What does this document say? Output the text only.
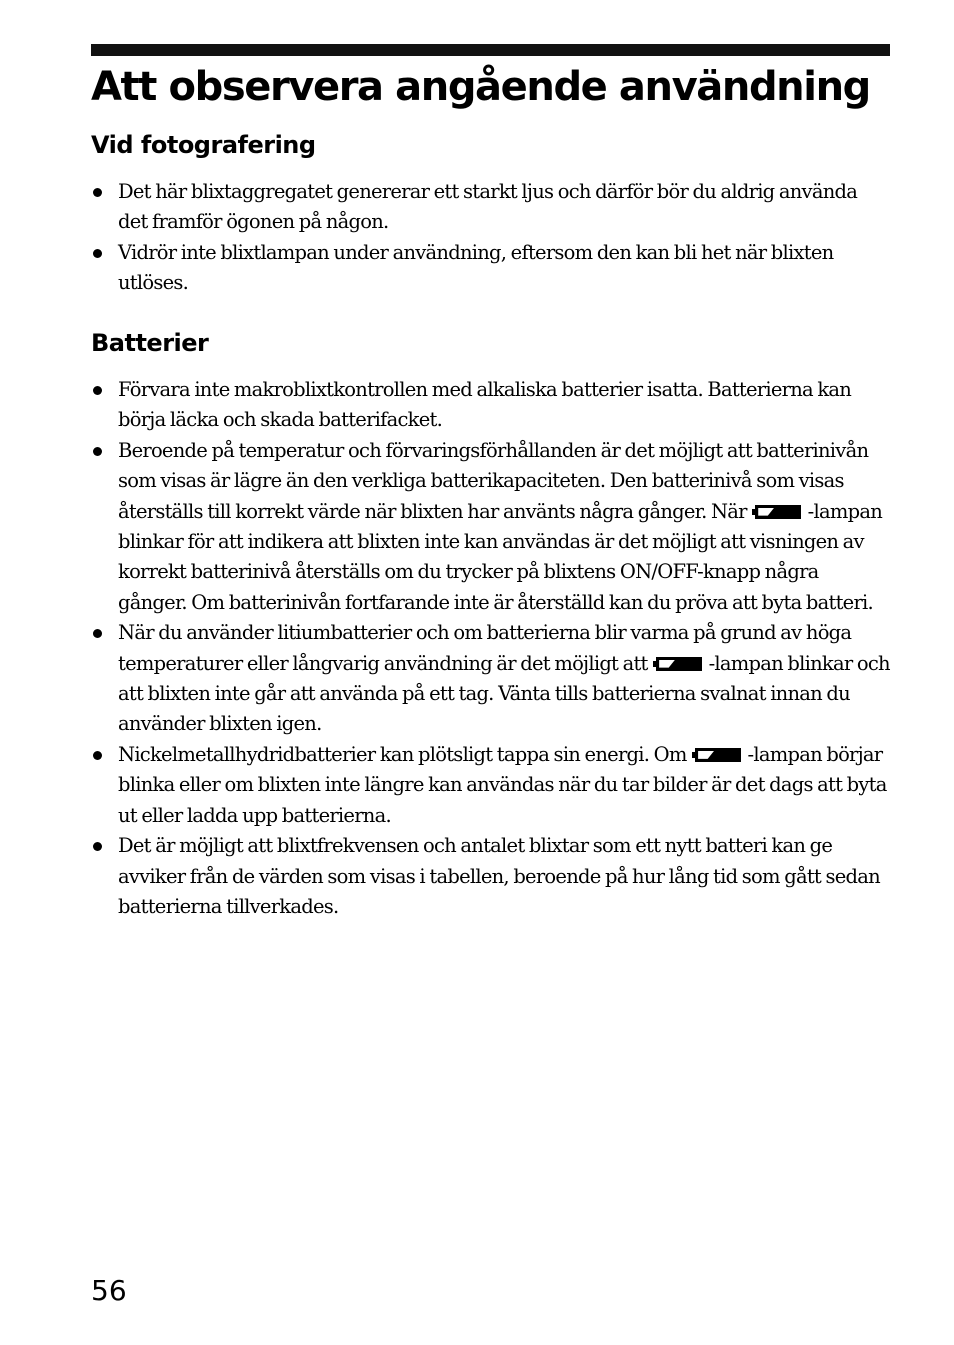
Att observera angående användning
Vid fotografering
Det här blixtaggregatet genererar ett starkt ljus och därför bör du aldrig använda det framför ögonen på någon.
Vidrör inte blixtlampan under användning, eftersom den kan bli het när blixten utlöses.
Batterier
Förvara inte makroblixtkontrollen med alkaliska batterier isatta. Batterierna kan börja läcka och skada batterifacket.
Beroende på temperatur och förvaringsförhållanden är det möjligt att batterinivån som visas är lägre än den verkliga batterikapaciteten. Den batterinivå som visas återställs till korrekt värde när blixten har använts några gånger. När	-lampan blinkar för att indikera att blixten inte kan användas är det möjligt att visningen av korrekt batterinivå återställs om du trycker på blixtens ON/OFF-knapp några gånger. Om batterinivån fortfarande inte är återställd kan du pröva att byta batteri.
När du använder litiumbatterier och om batterierna blir varma på grund av höga temperaturer eller långvarig användning är det möjligt att	-lampan blinkar och att blixten inte går att använda på ett tag. Vänta tills batterierna svalnat innan du använder blixten igen.
Nickelmetallhydridbatterier kan plötsligt tappa sin energi. Om	-lampan börjar blinka eller om blixten inte längre kan användas när du tar bilder är det dags att byta ut eller ladda upp batterierna.
Det är möjligt att blixtfrekvensen och antalet blixtar som ett nytt batteri kan ge avviker från de värden som visas i tabellen, beroende på hur lång tid som gått sedan batterierna tillverkades.
56
